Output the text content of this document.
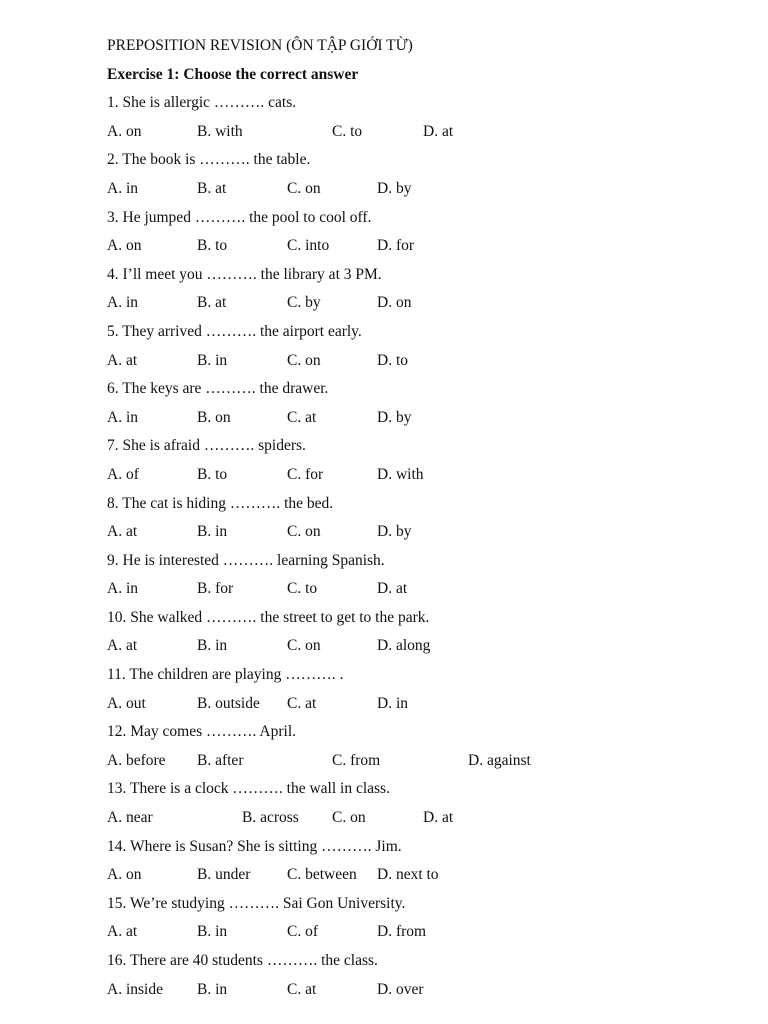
PREPOSITION REVISION (ÔN TẬP GIỚI TỪ)
Exercise 1: Choose the correct answer
1. She is allergic ………. cats.
A. on	B. with	C. to	D. at
2. The book is ………. the table.
A. in	B. at	C. on	D. by
3. He jumped ………. the pool to cool off.
A. on	B. to	C. into	D. for
4. I’ll meet you ………. the library at 3 PM.
A. in	B. at	C. by	D. on
5. They arrived ………. the airport early.
A. at	B. in	C. on	D. to
6. The keys are ………. the drawer.
A. in	B. on	C. at	D. by
7. She is afraid ………. spiders.
A. of	B. to	C. for	D. with
8. The cat is hiding ………. the bed.
A. at	B. in	C. on	D. by
9. He is interested ………. learning Spanish.
A. in	B. for	C. to	D. at
10. She walked ………. the street to get to the park.
A. at	B. in	C. on	D. along
11. The children are playing ………. .
A. out	B. outside C. at	D. in
12. May comes ………. April.
A. before B. after	C. from	D. against
13. There is a clock ………. the wall in class.
A. near	B. across C. on	D. at
14. Where is Susan? She is sitting ………. Jim.
A. on	B. under C. between D. next to
15. We’re studying ………. Sai Gon University.
A. at	B. in	C. of	D. from
16. There are 40 students ………. the class.
A. inside B. in	C. at	D. over
